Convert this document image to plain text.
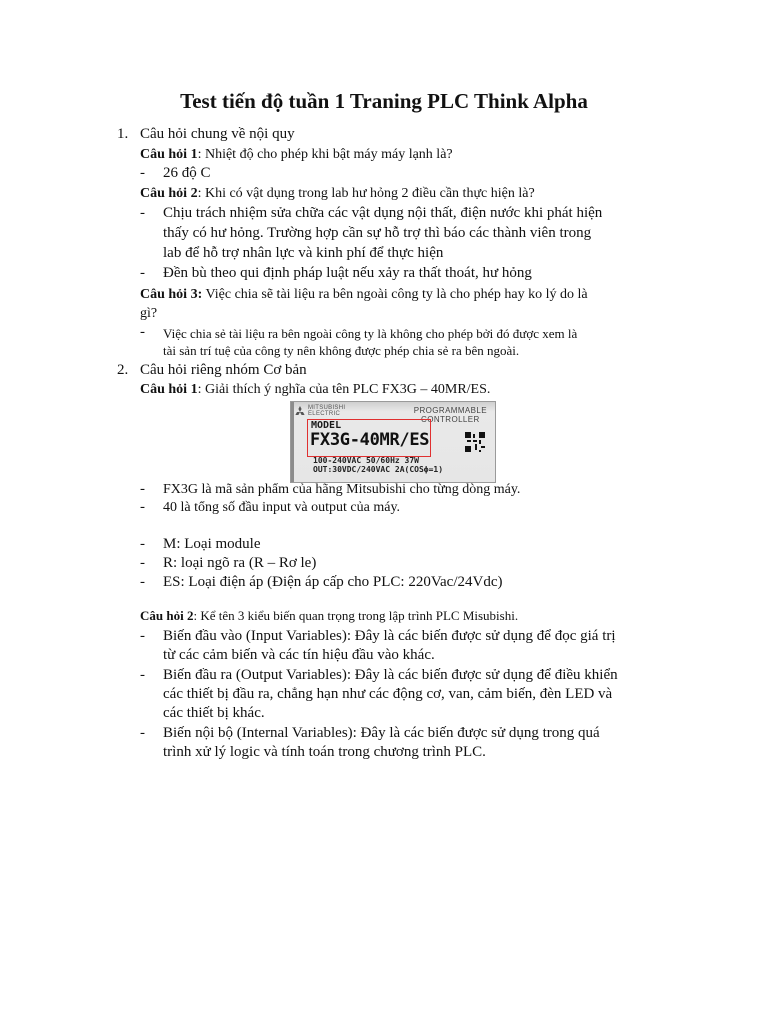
Test tiến độ tuần 1 Traning PLC Think Alpha
1. Câu hỏi chung về nội quy
Câu hỏi 1: Nhiệt độ cho phép khi bật máy máy lạnh là?
- 26 độ C
Câu hỏi 2: Khi có vật dụng trong lab hư hỏng 2 điều cần thực hiện là?
- Chịu trách nhiệm sửa chữa các vật dụng nội thất, điện nước khi phát hiện
thấy có hư hỏng. Trường hợp cần sự hỗ trợ thì báo các thành viên trong
lab để hỗ trợ nhân lực và kinh phí để thực hiện
- Đền bù theo qui định pháp luật nếu xảy ra thất thoát, hư hỏng
Câu hỏi 3: Việc chia sẽ tài liệu ra bên ngoài công ty là cho phép hay ko lý do là
gì?
- Việc chia sẻ tài liệu ra bên ngoài công ty là không cho phép bởi đó được xem là
tài sản trí tuệ của công ty nên không được phép chia sẻ ra bên ngoài.
2. Câu hỏi riêng nhóm Cơ bản
Câu hỏi 1: Giải thích ý nghĩa của tên PLC FX3G – 40MR/ES.
MITSUBISHI
ELECTRIC	PROGRAMMABLE
CONTROLLER
MODEL
FX3G-40MR/ES
100-240VAC 50/60Hz 37W
OUT:30VDC/240VAC 2A(COSϕ=1)
- FX3G là mã sản phẩm của hãng Mitsubishi cho từng dòng máy.
- 40 là tổng số đầu input và output của máy.
- M: Loại module
- R: loại ngõ ra (R – Rơ le)
- ES: Loại điện áp (Điện áp cấp cho PLC: 220Vac/24Vdc)
Câu hỏi 2: Kể tên 3 kiểu biến quan trọng trong lập trình PLC Misubishi.
- Biến đầu vào (Input Variables): Đây là các biến được sử dụng để đọc giá trị
từ các cảm biến và các tín hiệu đầu vào khác.
- Biến đầu ra (Output Variables): Đây là các biến được sử dụng để điều khiển
các thiết bị đầu ra, chẳng hạn như các động cơ, van, cảm biến, đèn LED và
các thiết bị khác.
- Biến nội bộ (Internal Variables): Đây là các biến được sử dụng trong quá
trình xử lý logic và tính toán trong chương trình PLC.
